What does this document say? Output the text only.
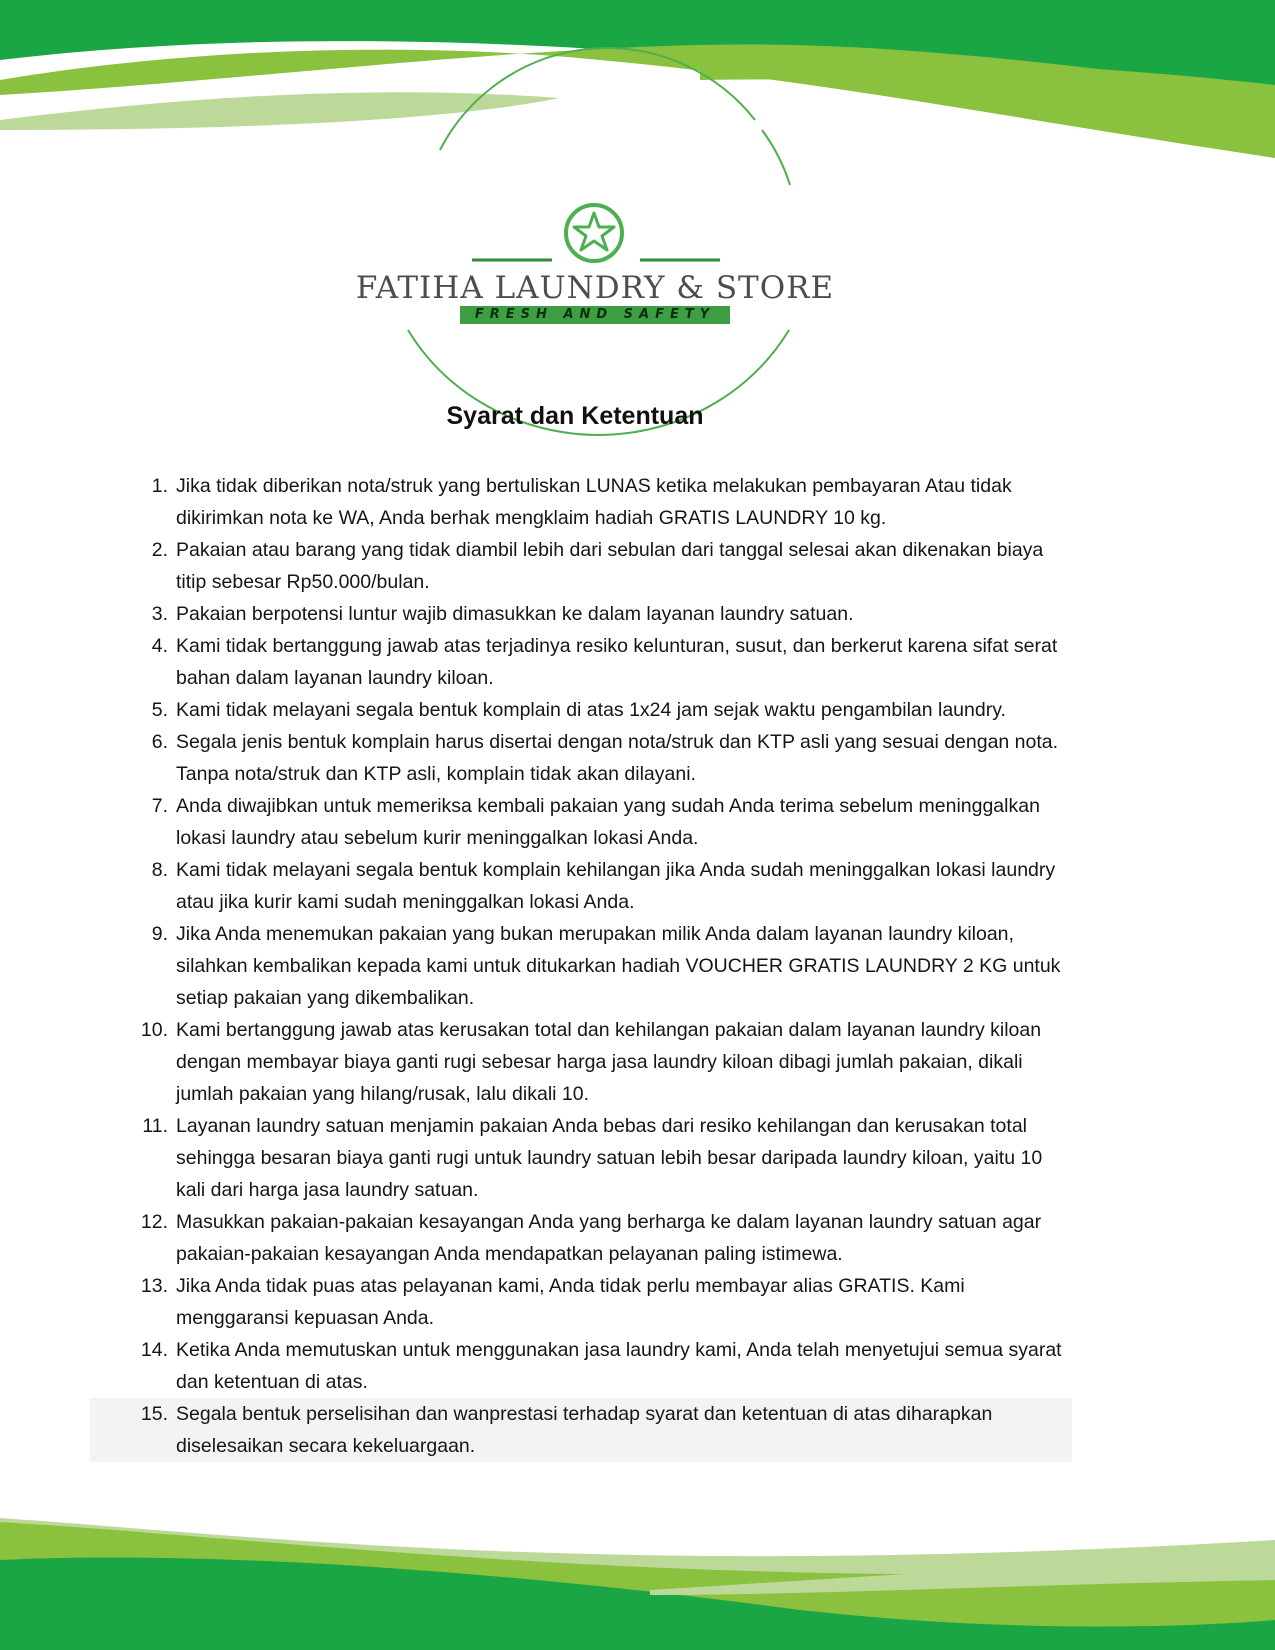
FATIHA LAUNDRY & STORE
FRESH AND SAFETY
Syarat dan Ketentuan
1. Jika tidak diberikan nota/struk yang bertuliskan LUNAS ketika melakukan pembayaran Atau tidak dikirimkan nota ke WA, Anda berhak mengklaim hadiah GRATIS LAUNDRY 10 kg.
2. Pakaian atau barang yang tidak diambil lebih dari sebulan dari tanggal selesai akan dikenakan biaya titip sebesar Rp50.000/bulan.
3. Pakaian berpotensi luntur wajib dimasukkan ke dalam layanan laundry satuan.
4. Kami tidak bertanggung jawab atas terjadinya resiko kelunturan, susut, dan berkerut karena sifat serat bahan dalam layanan laundry kiloan.
5. Kami tidak melayani segala bentuk komplain di atas 1x24 jam sejak waktu pengambilan laundry.
6. Segala jenis bentuk komplain harus disertai dengan nota/struk dan KTP asli yang sesuai dengan nota. Tanpa nota/struk dan KTP asli, komplain tidak akan dilayani.
7. Anda diwajibkan untuk memeriksa kembali pakaian yang sudah Anda terima sebelum meninggalkan lokasi laundry atau sebelum kurir meninggalkan lokasi Anda.
8. Kami tidak melayani segala bentuk komplain kehilangan jika Anda sudah meninggalkan lokasi laundry atau jika kurir kami sudah meninggalkan lokasi Anda.
9. Jika Anda menemukan pakaian yang bukan merupakan milik Anda dalam layanan laundry kiloan, silahkan kembalikan kepada kami untuk ditukarkan hadiah VOUCHER GRATIS LAUNDRY 2 KG untuk setiap pakaian yang dikembalikan.
10. Kami bertanggung jawab atas kerusakan total dan kehilangan pakaian dalam layanan laundry kiloan dengan membayar biaya ganti rugi sebesar harga jasa laundry kiloan dibagi jumlah pakaian, dikali jumlah pakaian yang hilang/rusak, lalu dikali 10.
11. Layanan laundry satuan menjamin pakaian Anda bebas dari resiko kehilangan dan kerusakan total sehingga besaran biaya ganti rugi untuk laundry satuan lebih besar daripada laundry kiloan, yaitu 10 kali dari harga jasa laundry satuan.
12. Masukkan pakaian-pakaian kesayangan Anda yang berharga ke dalam layanan laundry satuan agar pakaian-pakaian kesayangan Anda mendapatkan pelayanan paling istimewa.
13. Jika Anda tidak puas atas pelayanan kami, Anda tidak perlu membayar alias GRATIS. Kami menggaransi kepuasan Anda.
14. Ketika Anda memutuskan untuk menggunakan jasa laundry kami, Anda telah menyetujui semua syarat dan ketentuan di atas.
15. Segala bentuk perselisihan dan wanprestasi terhadap syarat dan ketentuan di atas diharapkan diselesaikan secara kekeluargaan.
